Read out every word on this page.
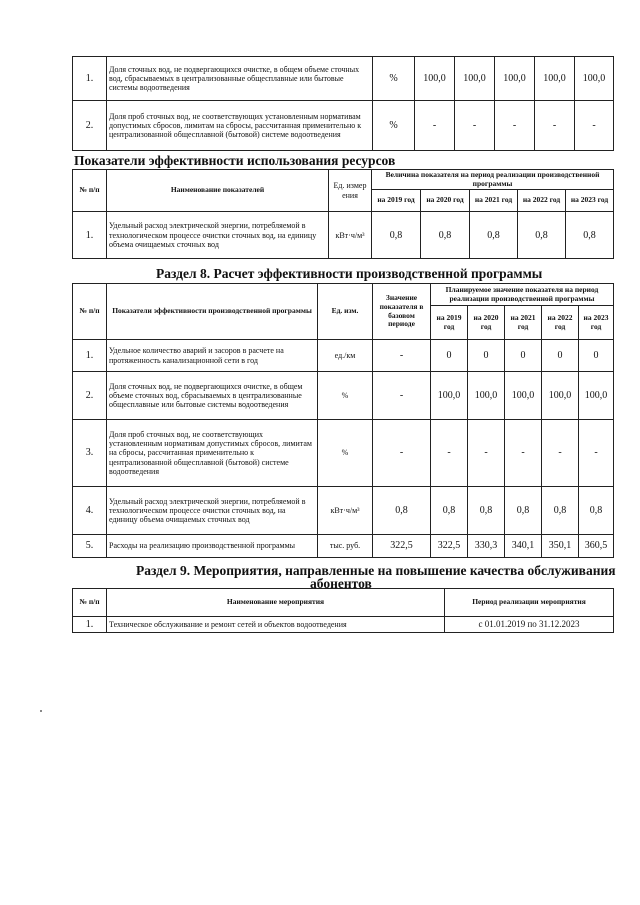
1.	Доля сточных вод, не подвергающихся очистке, в общем объеме сточных вод, сбрасываемых в централизованные общесплавные или бытовые системы водоотведения	%	100,0	100,0	100,0	100,0	100,0
2.	Доля проб сточных вод, не соответствующих установленным нормативам допустимых сбросов, лимитам на сбросы, рассчитанная применительно к централизованной общесплавной (бытовой) системе водоотведения	%	-	-	-	-	-
Показатели эффективности использования ресурсов
№ п/п	Наименование показателей	Ед. измер ения	Величина показателя на период реализации производственной программы				
			на 2019 год	на 2020 год	на 2021 год	на 2022 год	на 2023 год
1.	Удельный расход электрической энергии, потребляемой в технологическом процессе очистки сточных вод, на единицу объема очищаемых сточных вод	кВт·ч/м³	0,8	0,8	0,8	0,8	0,8
Раздел 8. Расчет эффективности производственной программы
№ п/п	Показатели эффективности производственной программы	Ед. изм.	Значение показателя в базовом периоде	Планируемое значение показателя на период реализации производственной программы				
				на 2019 год	на 2020 год	на 2021 год	на 2022 год	на 2023 год
1.	Удельное количество аварий и засоров в расчете на протяженность канализационной сети в год	ед./км	-	0	0	0	0	0
2.	Доля сточных вод, не подвергающихся очистке, в общем объеме сточных вод, сбрасываемых в централизованные общесплавные или бытовые системы водоотведения	%	-	100,0	100,0	100,0	100,0	100,0
3.	Доля проб сточных вод, не соответствующих установленным нормативам допустимых сбросов, лимитам на сбросы, рассчитанная применительно к централизованной общесплавной (бытовой) системе водоотведения	%	-	-	-	-	-	-
4.	Удельный расход электрической энергии, потребляемой в технологическом процессе очистки сточных вод, на единицу объема очищаемых сточных вод	кВт·ч/м³	0,8	0,8	0,8	0,8	0,8	0,8
5.	Расходы на реализацию производственной программы	тыс. руб.	322,5	322,5	330,3	340,1	350,1	360,5
Раздел 9. Мероприятия, направленные на повышение качества обслуживания
абонентов
№ п/п	Наименование мероприятия	Период реализации мероприятия
1.	Техническое обслуживание и ремонт сетей и объектов водоотведения	с 01.01.2019 по 31.12.2023
